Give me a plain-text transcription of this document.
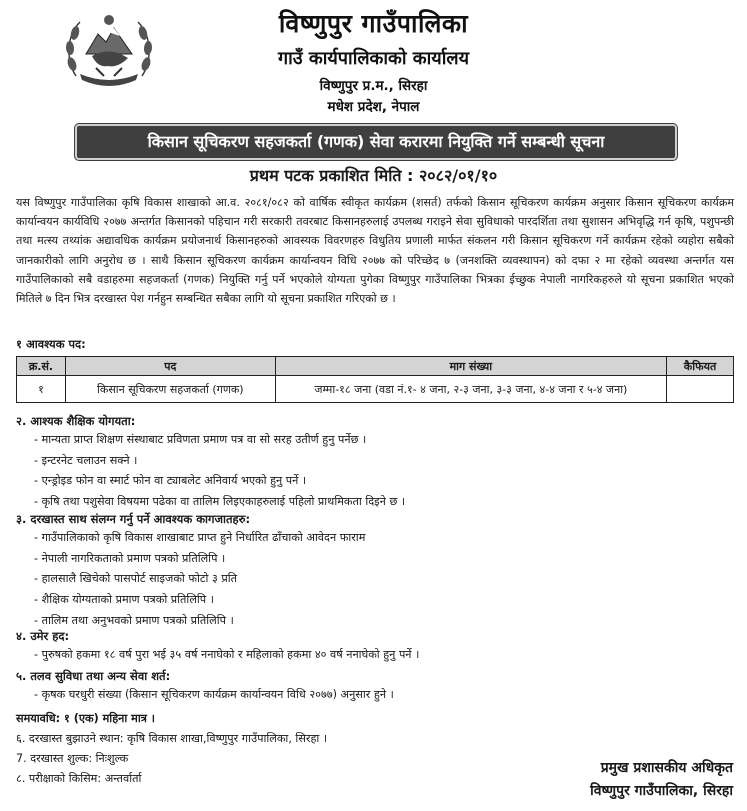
विष्णुपुर गाउँपालिका
गाउँ कार्यपालिकाको कार्यालय
विष्णुपुर प्र.म., सिरहा
मधेश प्रदेश, नेपाल
किसान सूचिकरण सहजकर्ता (गणक) सेवा करारमा नियुक्ति गर्ने सम्बन्धी सूचना
प्रथम पटक प्रकाशित मिति : २०८२/०१/१०

यस विष्णुपुर गाउँपालिका कृषि विकास शाखाको आ.व. २०८१/०८२ को वार्षिक स्वीकृत कार्यक्रम (शसर्त) तर्फको किसान सूचिकरण कार्यक्रम अनुसार किसान सूचिकरण कार्यक्रम कार्यान्वयन कार्यविधि २०७७ अन्तर्गत किसानको पहिचान गरी सरकारी तवरबाट किसानहरुलाई उपलब्ध गराइने सेवा सुविधाको पारदर्शिता तथा सुशासन अभिवृद्धि गर्न कृषि, पशुपन्छी तथा मत्स्य तथ्यांक अद्यावधिक कार्यक्रम प्रयोजनार्थ किसानहरुको आवस्यक विवरणहरु विधुतिय प्रणाली मार्फत संकलन गरी किसान सूचिकरण गर्ने कार्यक्रम रहेको व्यहोरा सबैको जानकारीको लागि अनुरोध छ । साथै किसान सूचिकरण कार्यक्रम कार्यान्वयन विधि २०७७ को परिच्छेद ७ (जनशक्ति व्यवस्थापन) को दफा २ मा रहेको व्यवस्था अन्तर्गत यस गाउँपालिकाको सबै वडाहरुमा सहजकर्ता (गणक) नियुक्ति गर्नु पर्ने भएकोले योग्यता पुगेका विष्णुपुर गाउँपालिका भित्रका ईच्छुक नेपाली नागरिकहरुले यो सूचना प्रकाशित भएको मितिले ७ दिन भित्र दरखास्त पेश गर्नहुन सम्बन्धित सबैका लागि यो सूचना प्रकाशित गरिएको छ ।

१ आवश्यक पद:
क्र.सं.	पद	माग संख्या	कैफियत
१	किसान सूचिकरण सहजकर्ता (गणक)	जम्मा-१८ जना (वडा नं.१- ४ जना, २-३ जना, ३-३ जना, ४-४ जना र ५-४ जना)	
२. आश्यक शैक्षिक योगयता:
- मान्यता प्राप्त शिक्षण संस्थाबाट प्रविणता प्रमाण पत्र वा सो सरह उतीर्ण हुनु पर्नेछ ।
- इन्टरनेट चलाउन सक्ने ।
- एन्ड्रोइड फोन वा स्मार्ट फोन वा ट्याबलेट अनिवार्य भएको हुनु पर्ने ।
- कृषि तथा पशुसेवा विषयमा पढेका वा तालिम लिइएकाहरुलाई पहिलो प्राथमिकता दिइने छ ।
३. दरखास्त साथ संलग्न गर्नु पर्ने आवश्यक कागजातहरु:
- गाउँपालिकाको कृषि विकास शाखाबाट प्राप्त हुने निर्धारित ढाँचाको आवेदन फाराम
- नेपाली नागरिकताको प्रमाण पत्रको प्रतिलिपि ।
- हालसालै खिचेको पासपोर्ट साइजको फोटो ३ प्रति
- शैक्षिक योग्यताको प्रमाण पत्रको प्रतिलिपि ।
- तालिम तथा अनुभवको प्रमाण पत्रको प्रतिलिपि ।
४. उमेर हद:
- पुरुषको हकमा १८ वर्ष पुरा भई ३५ वर्ष ननाघेको र महिलाको हकमा ४० वर्ष ननाघेको हुनु पर्ने ।
५. तलव सुविधा तथा अन्य सेवा शर्त:
- कृषक घरधुरी संख्या (किसान सूचिकरण कार्यक्रम कार्यान्वयन विधि २०७७) अनुसार हुने ।
समयावधि: १ (एक) महिना मात्र ।
६. दरखास्त बुझाउने स्थान: कृषि विकास शाखा,विष्णुपुर गाउँपालिका, सिरहा ।
7. दरखास्त शुल्क: निःशुल्क
८. परीक्षाको किसिम: अन्तर्वार्ता
प्रमुख प्रशासकीय अधिकृत
विष्णुपुर गाउँपालिका, सिरहा
